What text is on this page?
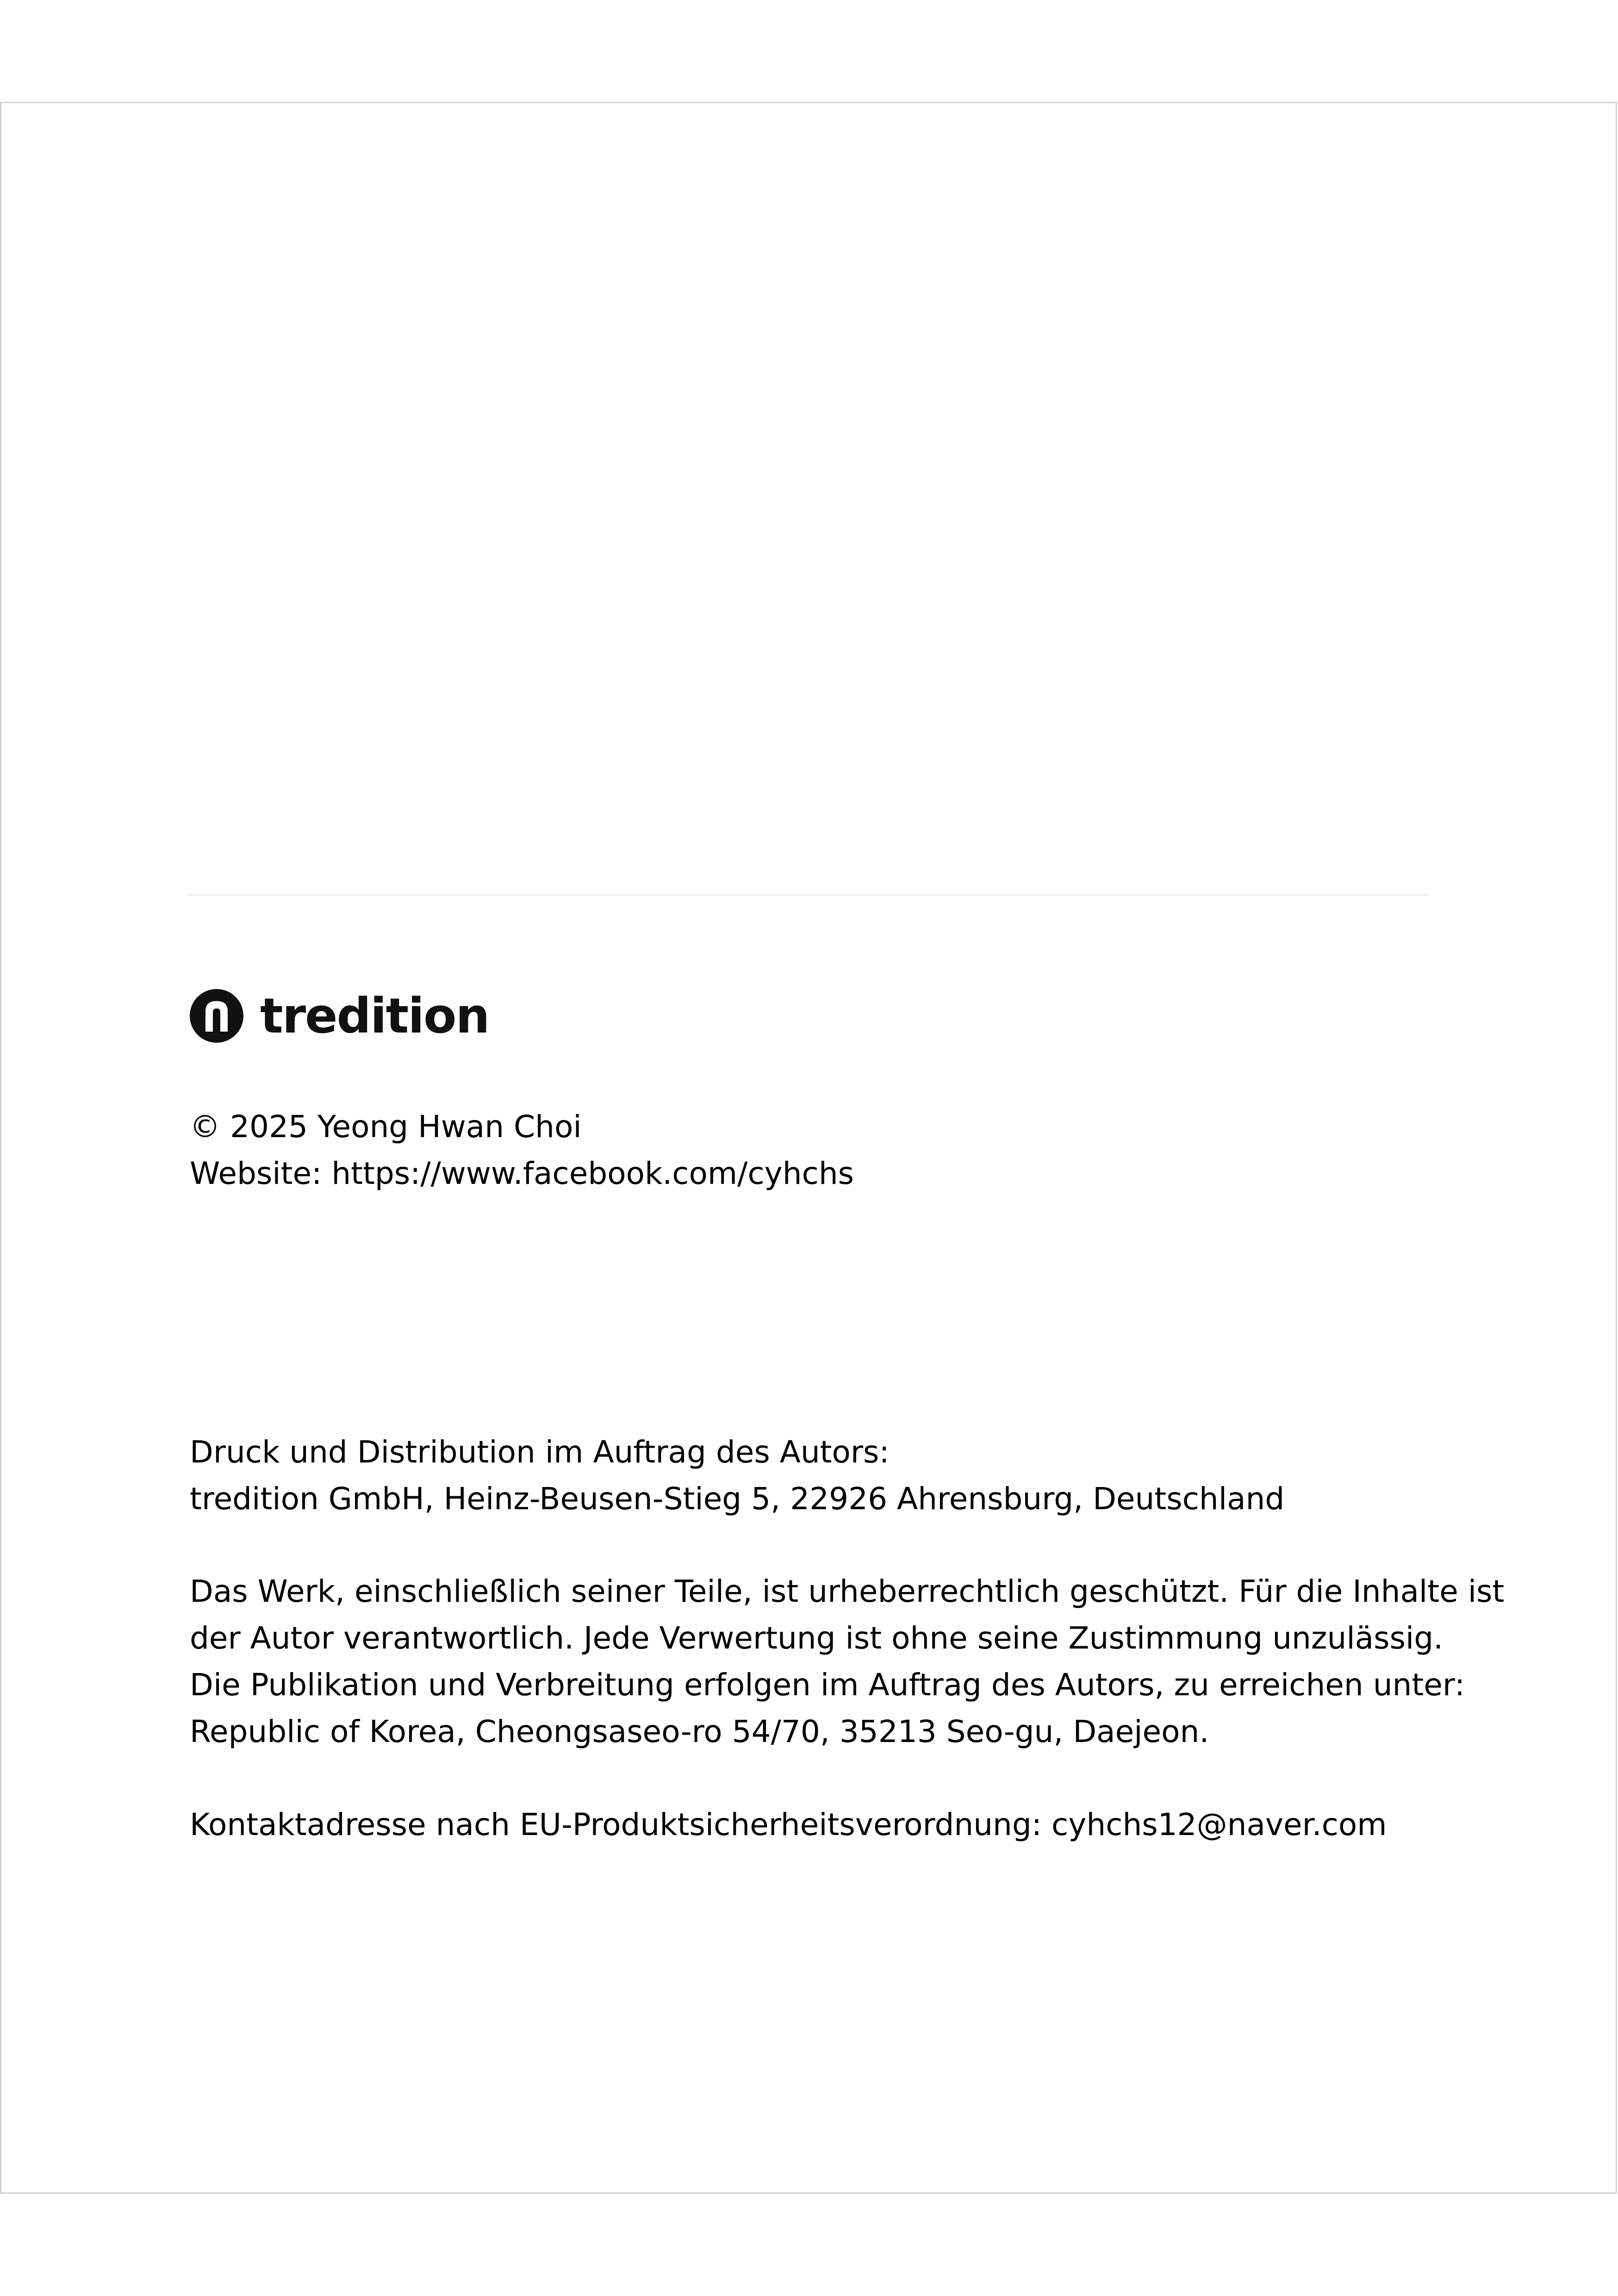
tredition
© 2025 Yeong Hwan Choi
Website: https://www.facebook.com/cyhchs
Druck und Distribution im Auftrag des Autors:
tredition GmbH, Heinz-Beusen-Stieg 5, 22926 Ahrensburg, Deutschland
Das Werk, einschließlich seiner Teile, ist urheberrechtlich geschützt. Für die Inhalte ist
der Autor verantwortlich. Jede Verwertung ist ohne seine Zustimmung unzulässig.
Die Publikation und Verbreitung erfolgen im Auftrag des Autors, zu erreichen unter:
Republic of Korea, Cheongsaseo-ro 54/70, 35213 Seo-gu, Daejeon.
Kontaktadresse nach EU-Produktsicherheitsverordnung: cyhchs12@naver.com
